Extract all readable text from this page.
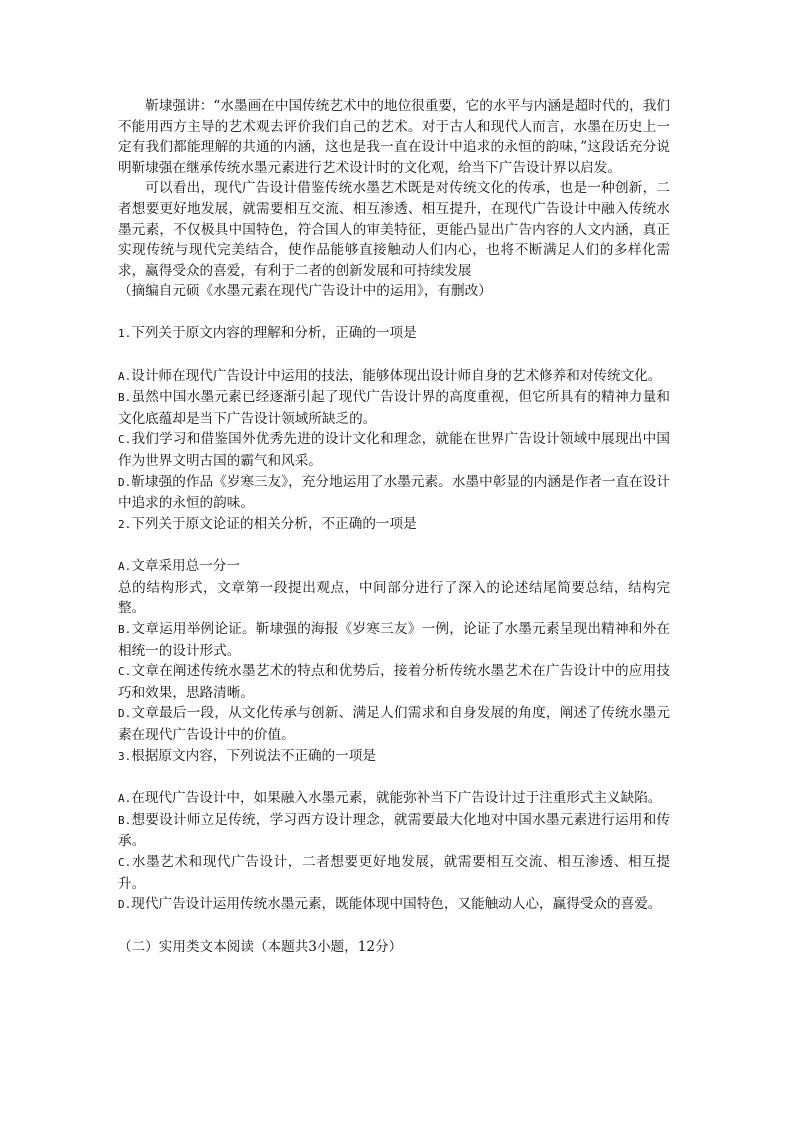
靳埭强讲：“水墨画在中国传统艺术中的地位很重要，它的水平与内涵是超时代的，我们不能用西方主导的艺术观去评价我们自己的艺术。对于古人和现代人而言，水墨在历史上一定有我们都能理解的共通的内涵，这也是我一直在设计中追求的永恒的韵味，”这段话充分说明靳埭强在继承传统水墨元素进行艺术设计时的文化观，给当下广告设计界以启发。

可以看出，现代广告设计借鉴传统水墨艺术既是对传统文化的传承，也是一种创新，二者想要更好地发展，就需要相互交流、相互渗透、相互提升，在现代广告设计中融入传统水墨元素，不仅极具中国特色，符合国人的审美特征，更能凸显出广告内容的人文内涵，真正实现传统与现代完美结合，使作品能够直接触动人们内心，也将不断满足人们的多样化需求，赢得受众的喜爱，有利于二者的创新发展和可持续发展

（摘编自元硕《水墨元素在现代广告设计中的运用》，有删改）

1.下列关于原文内容的理解和分析，正确的一项是

A.设计师在现代广告设计中运用的技法，能够体现出设计师自身的艺术修养和对传统文化。

B.虽然中国水墨元素已经逐渐引起了现代广告设计界的高度重视，但它所具有的精神力量和文化底蕴却是当下广告设计领域所缺乏的。

C.我们学习和借鉴国外优秀先进的设计文化和理念，就能在世界广告设计领域中展现出中国作为世界文明古国的霸气和风采。

D.靳埭强的作品《岁寒三友》，充分地运用了水墨元素。水墨中彰显的内涵是作者一直在设计中追求的永恒的韵味。

2.下列关于原文论证的相关分析，不正确的一项是

A.文章采用总一分一

总的结构形式，文章第一段提出观点，中间部分进行了深入的论述结尾简要总结，结构完整。

B.文章运用举例论证。靳埭强的海报《岁寒三友》一例，论证了水墨元素呈现出精神和外在相统一的设计形式。

C.文章在阐述传统水墨艺术的特点和优势后，接着分析传统水墨艺术在广告设计中的应用技巧和效果，思路清晰。

D.文章最后一段，从文化传承与创新、满足人们需求和自身发展的角度，阐述了传统水墨元素在现代广告设计中的价值。

3.根据原文内容，下列说法不正确的一项是

A.在现代广告设计中，如果融入水墨元素，就能弥补当下广告设计过于注重形式主义缺陷。

B.想要设计师立足传统，学习西方设计理念，就需要最大化地对中国水墨元素进行运用和传承。

C.水墨艺术和现代广告设计，二者想要更好地发展，就需要相互交流、相互渗透、相互提升。

D.现代广告设计运用传统水墨元素，既能体现中国特色，又能触动人心，赢得受众的喜爱。

（二）实用类文本阅读（本题共3小题，12分）
